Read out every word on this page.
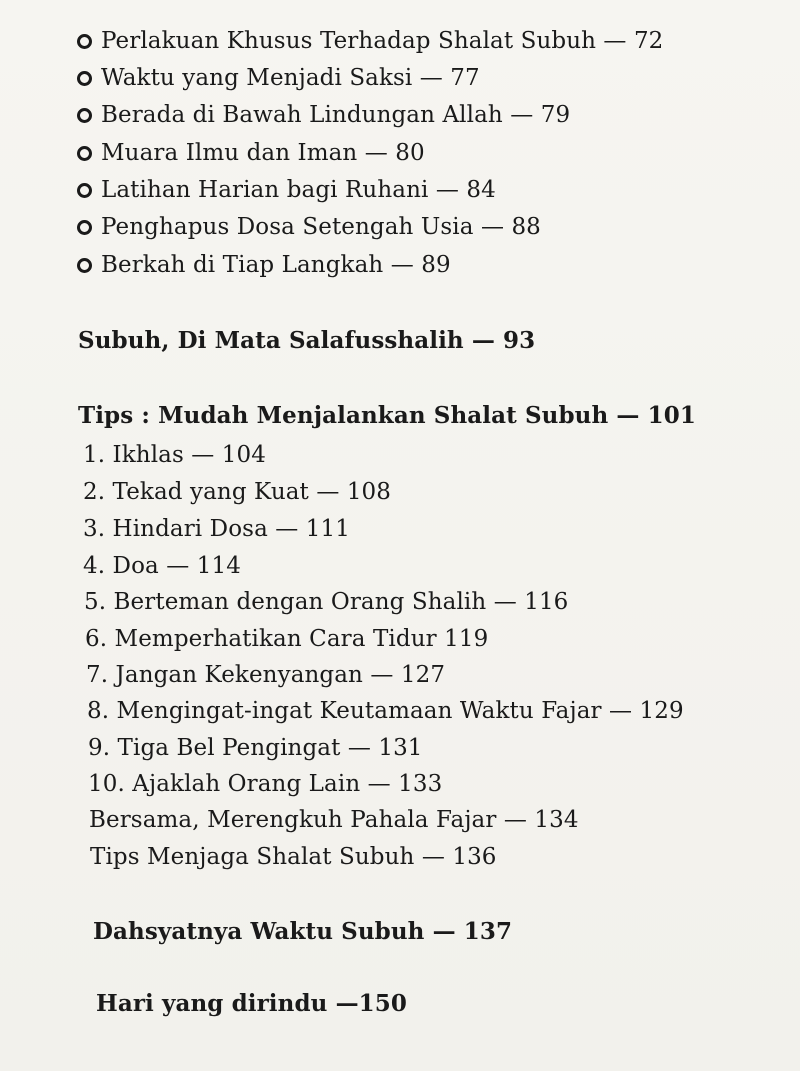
Perlakuan Khusus Terhadap Shalat Subuh — 72
Waktu yang Menjadi Saksi — 77
Berada di Bawah Lindungan Allah — 79
Muara Ilmu dan Iman — 80
Latihan Harian bagi Ruhani — 84
Penghapus Dosa Setengah Usia — 88
Berkah di Tiap Langkah — 89
Subuh, Di Mata Salafusshalih — 93
Tips : Mudah Menjalankan Shalat Subuh — 101
1. Ikhlas — 104
2. Tekad yang Kuat — 108
3. Hindari Dosa — 111
4. Doa — 114
5. Berteman dengan Orang Shalih — 116
6. Memperhatikan Cara Tidur 119
7. Jangan Kekenyangan — 127
8. Mengingat-ingat Keutamaan Waktu Fajar — 129
9. Tiga Bel Pengingat — 131
10. Ajaklah Orang Lain — 133
Bersama, Merengkuh Pahala Fajar — 134
Tips Menjaga Shalat Subuh — 136
Dahsyatnya Waktu Subuh — 137
Hari yang dirindu —150
